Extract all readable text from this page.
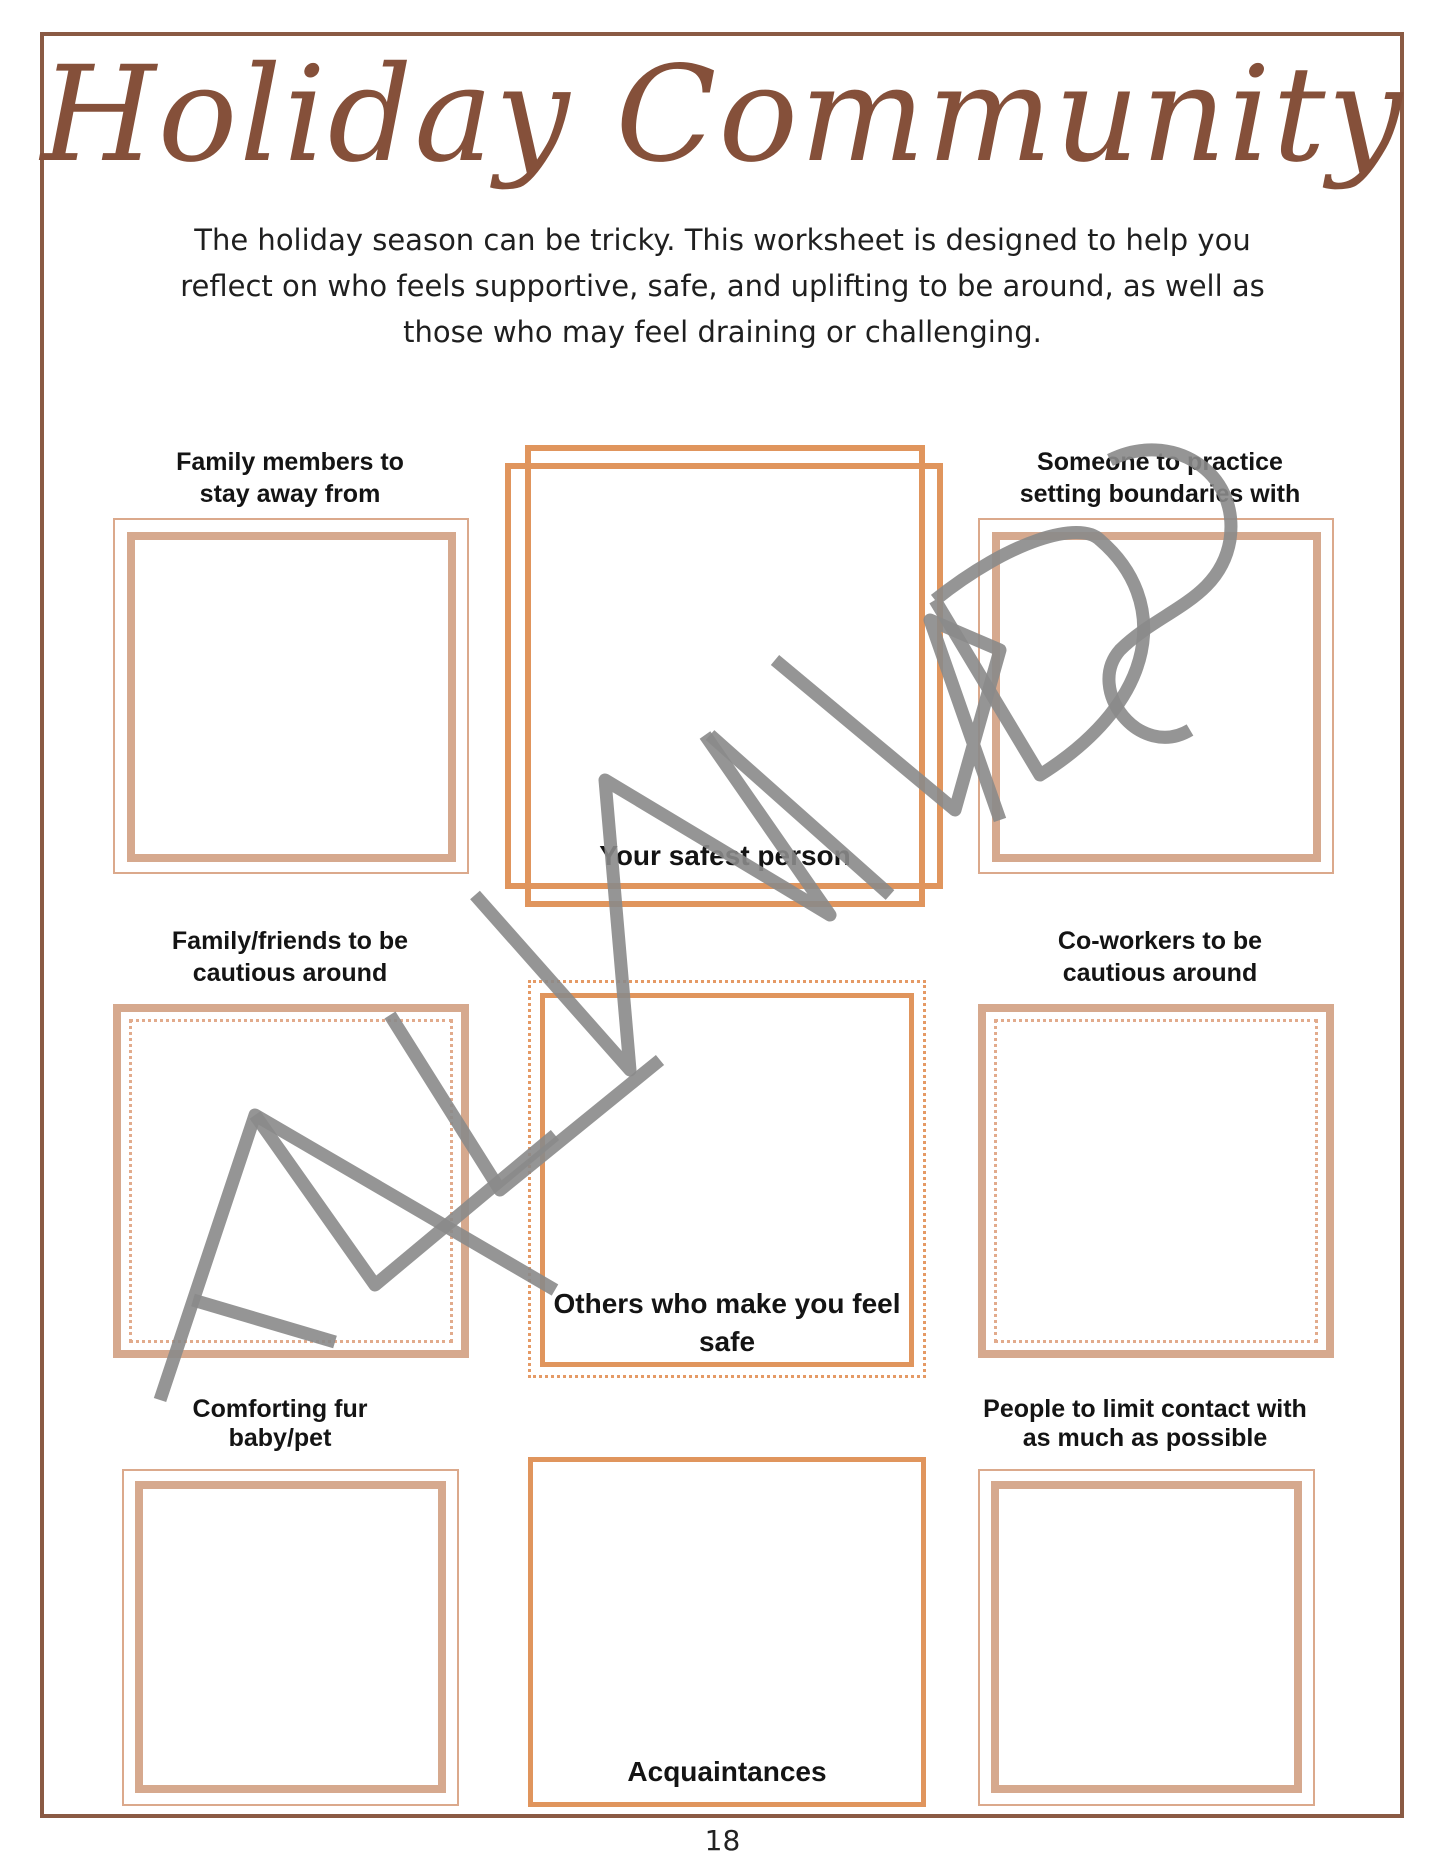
Holiday Community
The holiday season can be tricky. This worksheet is designed to help you reflect on who feels supportive, safe, and uplifting to be around, as well as those who may feel draining or challenging.
Family members to stay away from
Your safest person
Someone to practice setting boundaries with
Family/friends to be cautious around
Others who make you feel safe
Co-workers to be cautious around
Comforting fur baby/pet
Acquaintances
People to limit contact with as much as possible
18
